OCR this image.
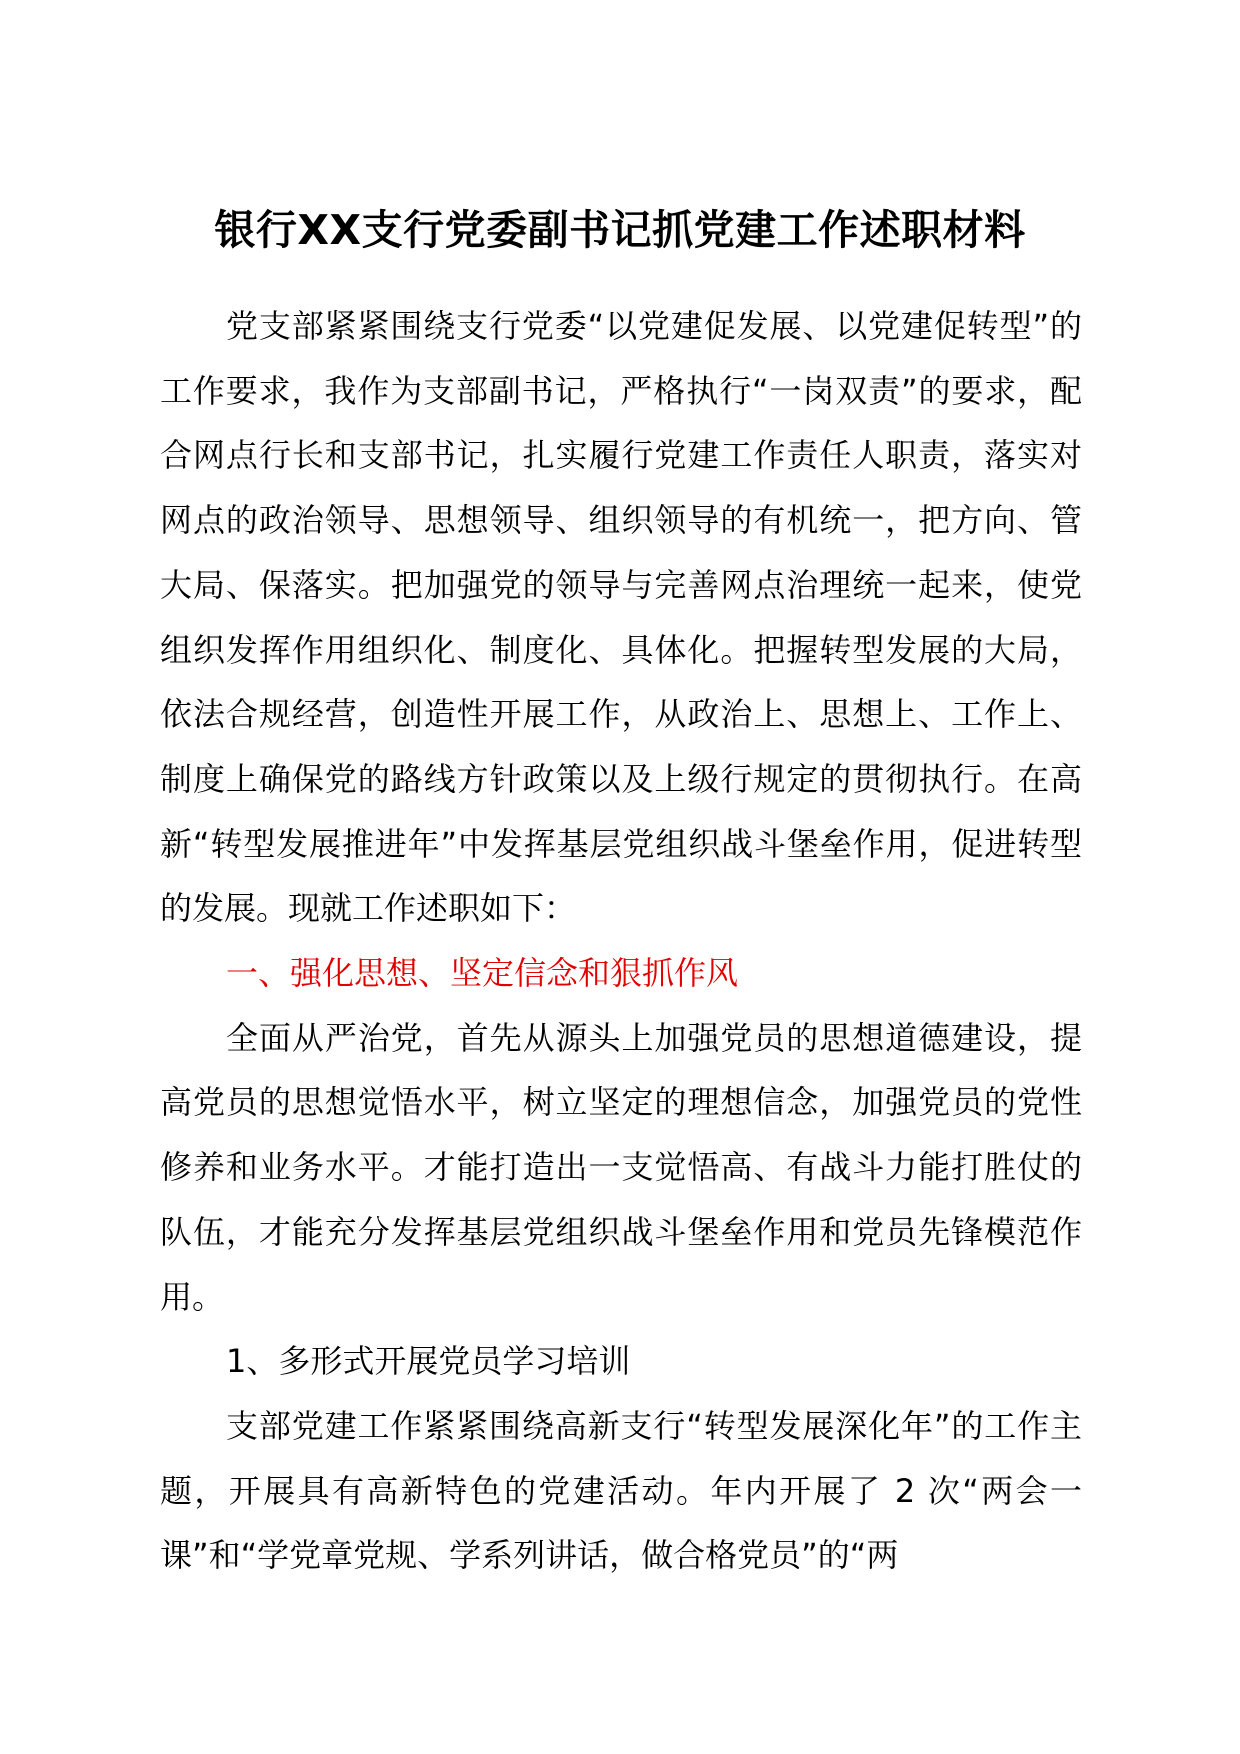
银行XX支行党委副书记抓党建工作述职材料

党支部紧紧围绕支行党委“以党建促发展、以党建促转型”的工作要求，我作为支部副书记，严格执行“一岗双责”的要求，配合网点行长和支部书记，扎实履行党建工作责任人职责，落实对网点的政治领导、思想领导、组织领导的有机统一，把方向、管大局、保落实。把加强党的领导与完善网点治理统一起来，使党组织发挥作用组织化、制度化、具体化。把握转型发展的大局，依法合规经营，创造性开展工作，从政治上、思想上、工作上、制度上确保党的路线方针政策以及上级行规定的贯彻执行。在高新“转型发展推进年”中发挥基层党组织战斗堡垒作用，促进转型的发展。现就工作述职如下：

一、强化思想、坚定信念和狠抓作风

全面从严治党，首先从源头上加强党员的思想道德建设，提高党员的思想觉悟水平，树立坚定的理想信念，加强党员的党性修养和业务水平。才能打造出一支觉悟高、有战斗力能打胜仗的队伍，才能充分发挥基层党组织战斗堡垒作用和党员先锋模范作用。

1、多形式开展党员学习培训

支部党建工作紧紧围绕高新支行“转型发展深化年”的工作主题，开展具有高新特色的党建活动。年内开展了 2 次“两会一课”和“学党章党规、学系列讲话，做合格党员”的“两
